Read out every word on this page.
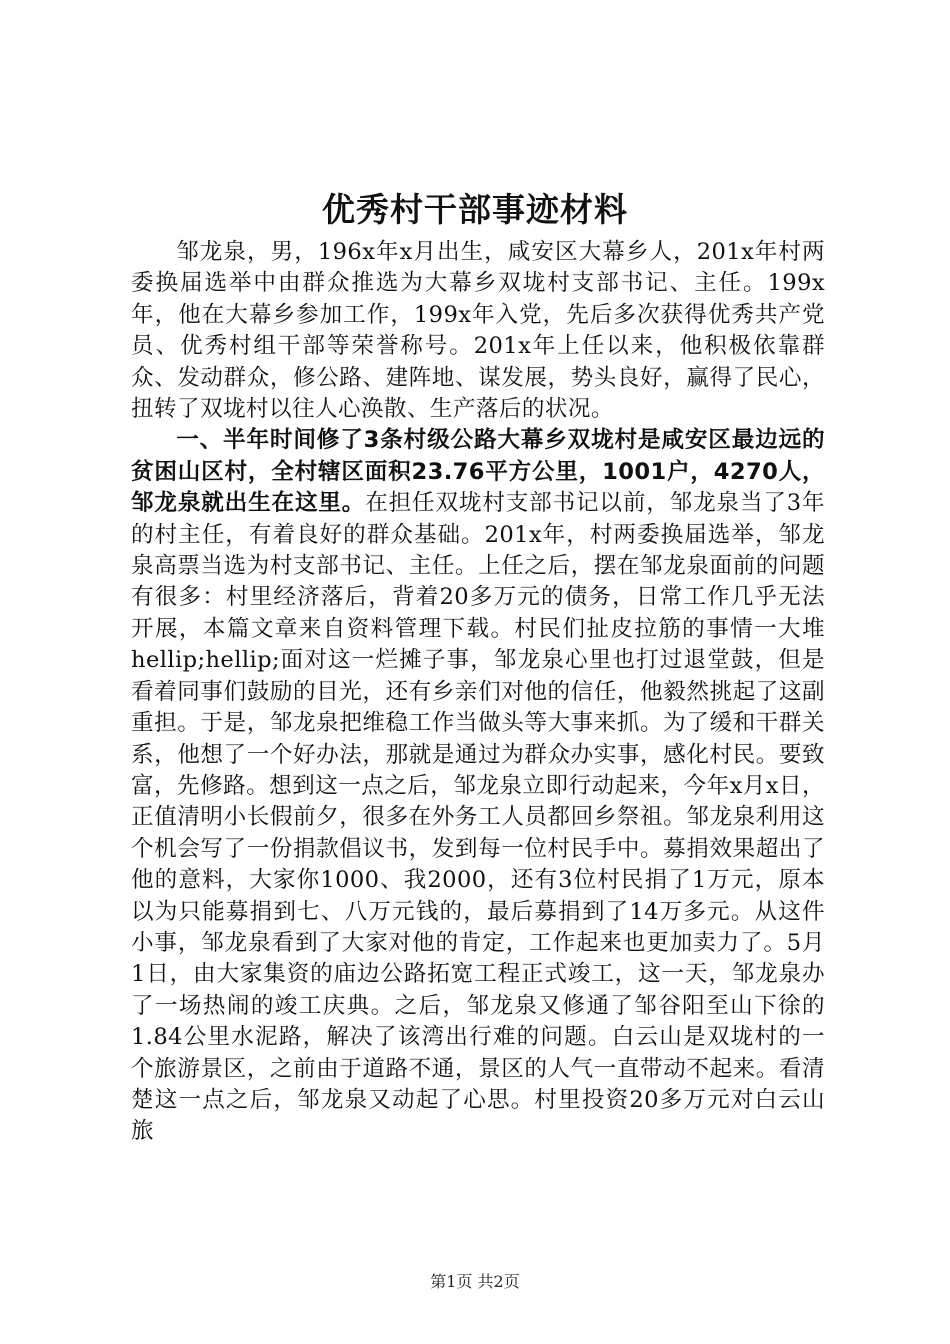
优秀村干部事迹材料

邹龙泉，男，196x年x月出生，咸安区大幕乡人，201x年村两委换届选举中由群众推选为大幕乡双垅村支部书记、主任。199x年，他在大幕乡参加工作，199x年入党，先后多次获得优秀共产党员、优秀村组干部等荣誉称号。201x年上任以来，他积极依靠群众、发动群众，修公路、建阵地、谋发展，势头良好，赢得了民心，扭转了双垅村以往人心涣散、生产落后的状况。

一、半年时间修了3条村级公路大幕乡双垅村是咸安区最边远的贫困山区村，全村辖区面积23.76平方公里，1001户，4270人，邹龙泉就出生在这里。在担任双垅村支部书记以前，邹龙泉当了3年的村主任，有着良好的群众基础。201x年，村两委换届选举，邹龙泉高票当选为村支部书记、主任。上任之后，摆在邹龙泉面前的问题有很多：村里经济落后，背着20多万元的债务，日常工作几乎无法开展，本篇文章来自资料管理下载。村民们扯皮拉筋的事情一大堆hellip;hellip;面对这一烂摊子事，邹龙泉心里也打过退堂鼓，但是看着同事们鼓励的目光，还有乡亲们对他的信任，他毅然挑起了这副重担。于是，邹龙泉把维稳工作当做头等大事来抓。为了缓和干群关系，他想了一个好办法，那就是通过为群众办实事，感化村民。要致富，先修路。想到这一点之后，邹龙泉立即行动起来，今年x月x日，正值清明小长假前夕，很多在外务工人员都回乡祭祖。邹龙泉利用这个机会写了一份捐款倡议书，发到每一位村民手中。募捐效果超出了他的意料，大家你1000、我2000，还有3位村民捐了1万元，原本以为只能募捐到七、八万元钱的，最后募捐到了14万多元。从这件小事，邹龙泉看到了大家对他的肯定，工作起来也更加卖力了。5月1日，由大家集资的庙边公路拓宽工程正式竣工，这一天，邹龙泉办了一场热闹的竣工庆典。之后，邹龙泉又修通了邹谷阳至山下徐的1.84公里水泥路，解决了该湾出行难的问题。白云山是双垅村的一个旅游景区，之前由于道路不通，景区的人气一直带动不起来。看清楚这一点之后，邹龙泉又动起了心思。村里投资20多万元对白云山旅

第1页 共2页
